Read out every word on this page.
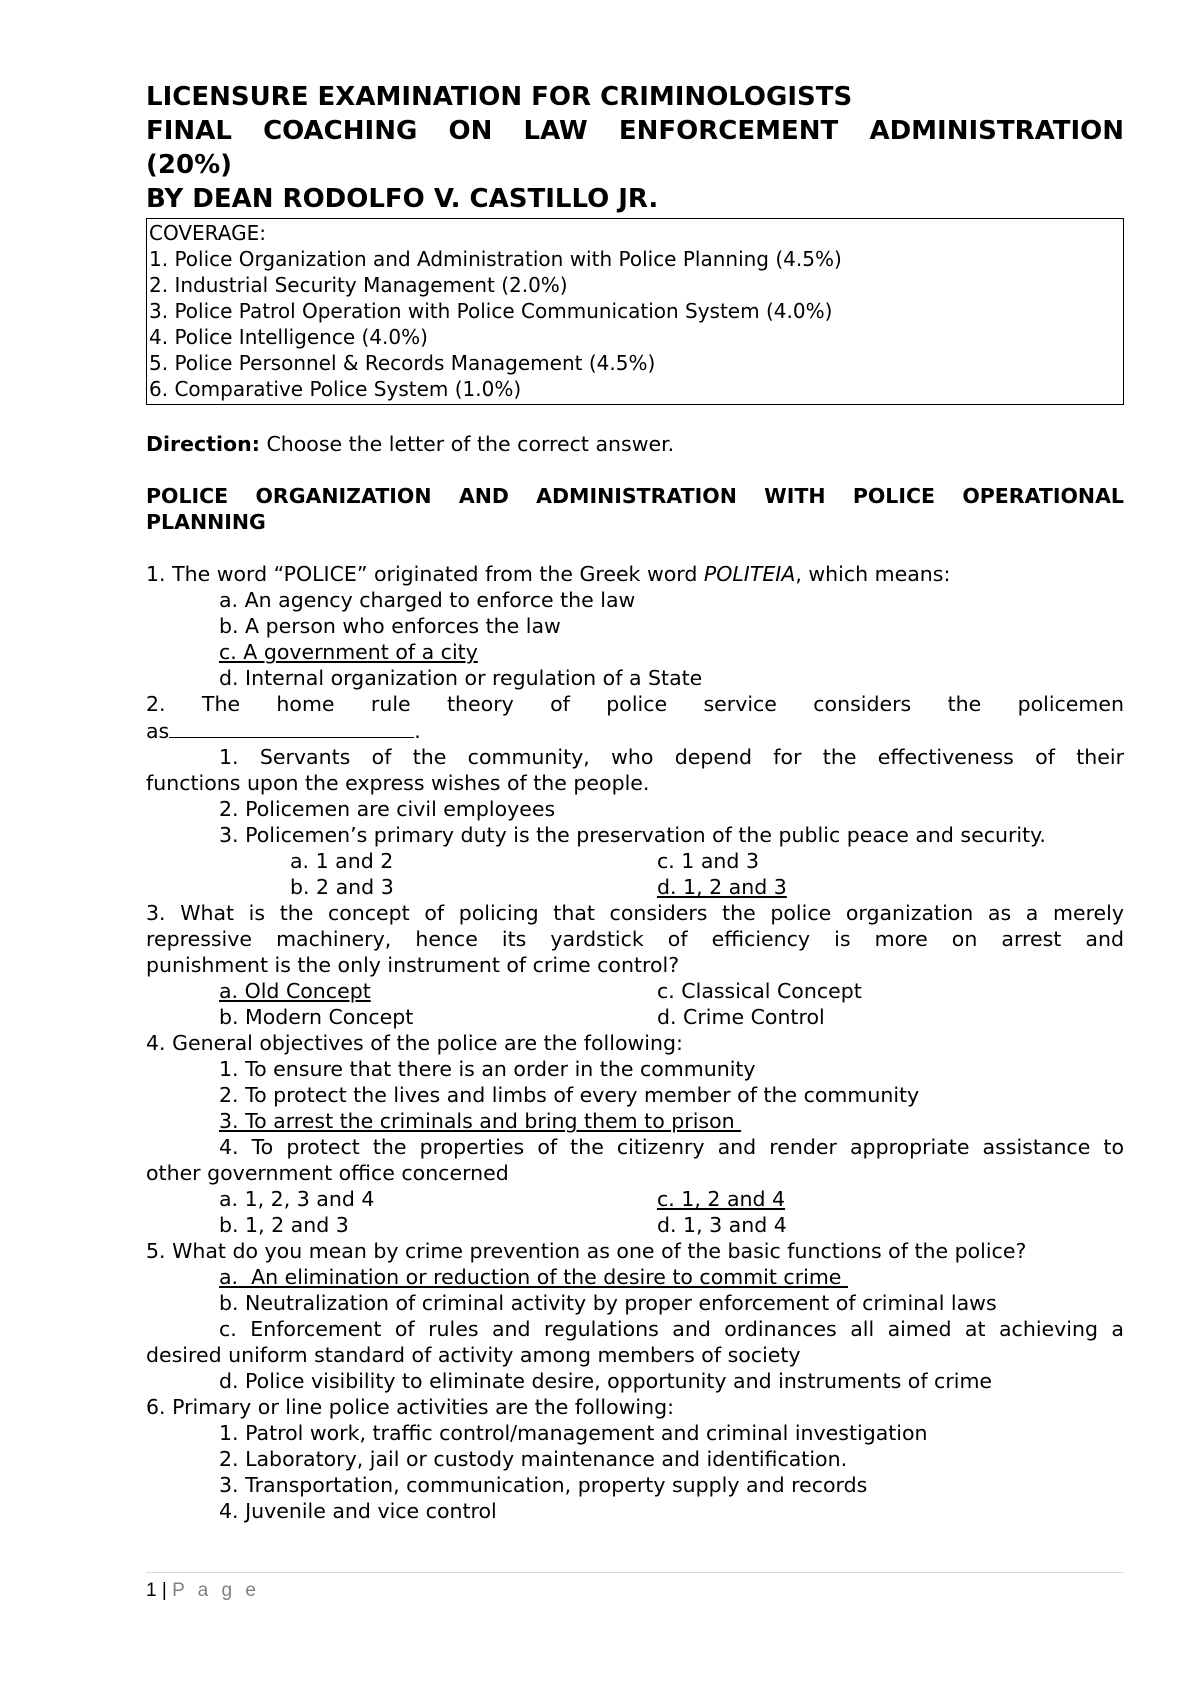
LICENSURE EXAMINATION FOR CRIMINOLOGISTS
FINAL COACHING ON LAW ENFORCEMENT ADMINISTRATION
(20%)
BY DEAN RODOLFO V. CASTILLO JR.
COVERAGE:
1. Police Organization and Administration with Police Planning (4.5%)
2. Industrial Security Management (2.0%)
3. Police Patrol Operation with Police Communication System (4.0%)
4. Police Intelligence (4.0%)
5. Police Personnel & Records Management (4.5%)
6. Comparative Police System (1.0%)
Direction: Choose the letter of the correct answer.
POLICE ORGANIZATION AND ADMINISTRATION WITH POLICE OPERATIONAL
PLANNING
1. The word “POLICE” originated from the Greek word POLITEIA, which means:
a. An agency charged to enforce the law
b. A person who enforces the law
c. A government of a city
d. Internal organization or regulation of a State
2. The home rule theory of police service considers the policemen
as	.
1. Servants of the community, who depend for the effectiveness of their
functions upon the express wishes of the people.
2. Policemen are civil employees
3. Policemen’s primary duty is the preservation of the public peace and security.
a. 1 and 2	c. 1 and 3
b. 2 and 3	d. 1, 2 and 3
3. What is the concept of policing that considers the police organization as a merely
repressive machinery, hence its yardstick of efficiency is more on arrest and
punishment is the only instrument of crime control?
a. Old Concept	c. Classical Concept
b. Modern Concept	d. Crime Control
4. General objectives of the police are the following:
1. To ensure that there is an order in the community
2. To protect the lives and limbs of every member of the community
3. To arrest the criminals and bring them to prison
4. To protect the properties of the citizenry and render appropriate assistance to
other government office concerned
a. 1, 2, 3 and 4	c. 1, 2 and 4
b. 1, 2 and 3	d. 1, 3 and 4
5. What do you mean by crime prevention as one of the basic functions of the police?
a.  An elimination or reduction of the desire to commit crime
b. Neutralization of criminal activity by proper enforcement of criminal laws
c. Enforcement of rules and regulations and ordinances all aimed at achieving a
desired uniform standard of activity among members of society
d. Police visibility to eliminate desire, opportunity and instruments of crime
6. Primary or line police activities are the following:
1. Patrol work, traffic control/management and criminal investigation
2. Laboratory, jail or custody maintenance and identification.
3. Transportation, communication, property supply and records
4. Juvenile and vice control
1 | P a g e
